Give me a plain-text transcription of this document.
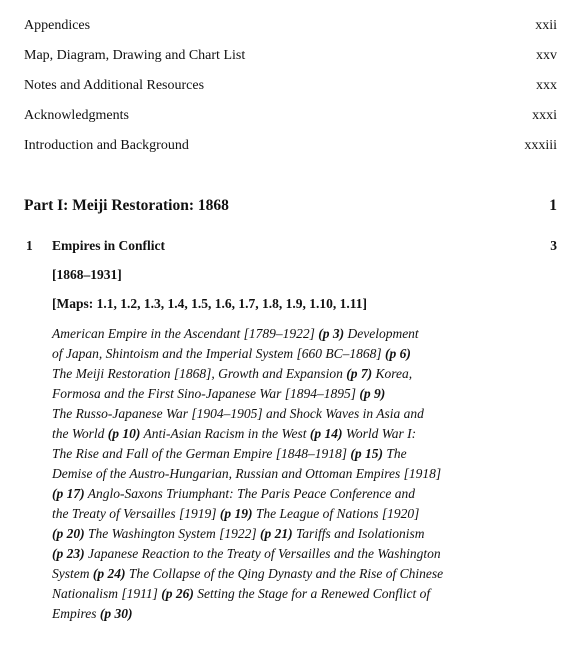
Appendices	xxii
Map, Diagram, Drawing and Chart List	xxv
Notes and Additional Resources	xxx
Acknowledgments	xxxi
Introduction and Background	xxxiii
Part I: Meiji Restoration: 1868	1
1 Empires in Conflict	3
[1868–1931]
[Maps: 1.1, 1.2, 1.3, 1.4, 1.5, 1.6, 1.7, 1.8, 1.9, 1.10, 1.11]
American Empire in the Ascendant [1789–1922] (p 3) Development
of Japan, Shintoism and the Imperial System [660 BC–1868] (p 6)
The Meiji Restoration [1868], Growth and Expansion (p 7) Korea,
Formosa and the First Sino-Japanese War [1894–1895] (p 9)
The Russo-Japanese War [1904–1905] and Shock Waves in Asia and
the World (p 10) Anti-Asian Racism in the West (p 14) World War I:
The Rise and Fall of the German Empire [1848–1918] (p 15) The
Demise of the Austro-Hungarian, Russian and Ottoman Empires [1918]
(p 17) Anglo-Saxons Triumphant: The Paris Peace Conference and
the Treaty of Versailles [1919] (p 19) The League of Nations [1920]
(p 20) The Washington System [1922] (p 21) Tariffs and Isolationism
(p 23) Japanese Reaction to the Treaty of Versailles and the Washington
System (p 24) The Collapse of the Qing Dynasty and the Rise of Chinese
Nationalism [1911] (p 26) Setting the Stage for a Renewed Conflict of
Empires (p 30)
